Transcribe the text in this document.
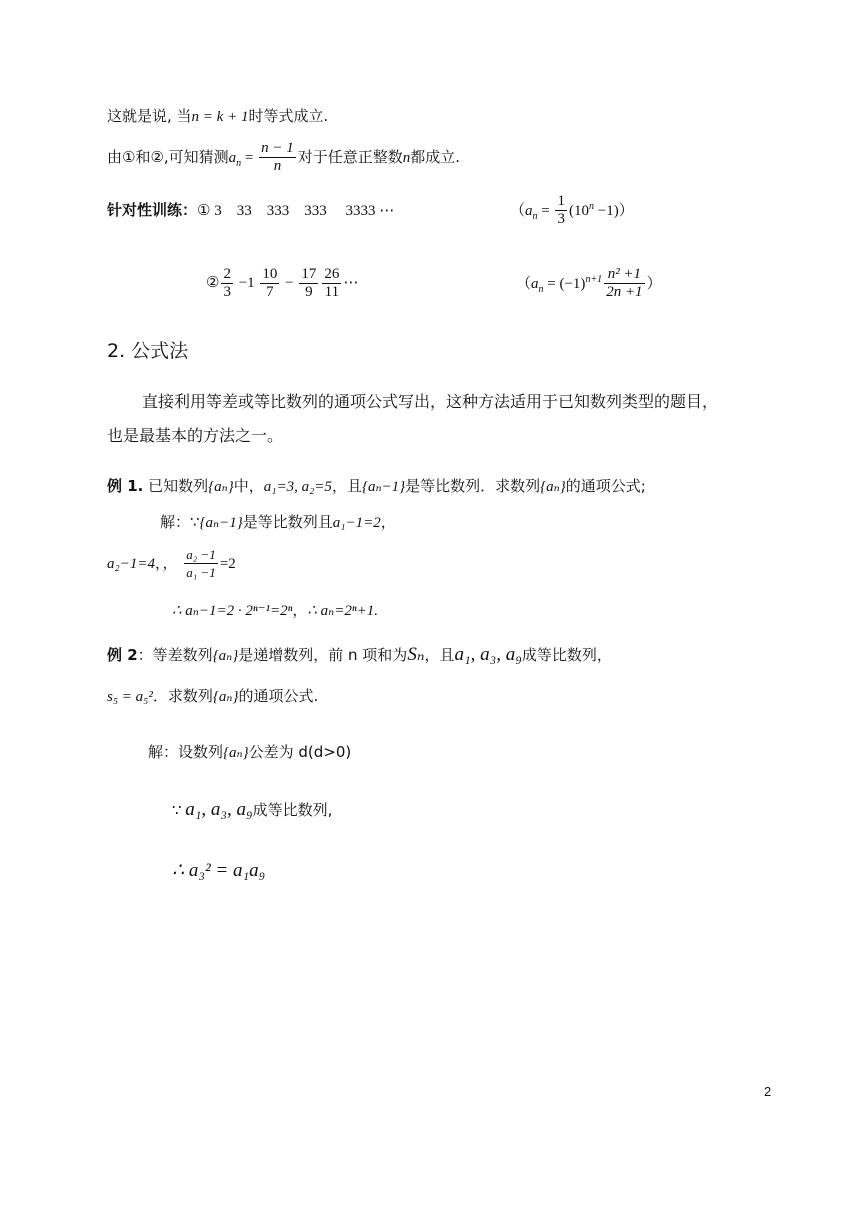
这就是说, 当n = k + 1时等式成立.
由①和②,可知猜测$a_n = \frac{n - 1}{n}$ 对于任意正整数n都成立.
针对性训练：① 3　33　333　333　 3333 ⋯	$(a_n = \frac{1}{3} (10^n -1))$
② $\frac{2}{3} -1 \frac{10}{7} - \frac{17}{9} \frac{26}{11}$ ⋯	（$a_n = (-1)^{n+1} \frac{\text{n² +1}}{2n +1}$ ）
2. 公式法
直接利用等差或等比数列的通项公式写出，这种方法适用于已知数列类型的题目，
也是最基本的方法之一。
例 1. 已知数列{aₙ}中，a₁=3, a₂=5，且{aₙ−1}是等比数列．求数列{aₙ}的通项公式;
解：∵{aₙ−1}是等比数列且a₁−1=2，
a₂−1=4，， $\frac{\text{a₂ −1}}{\text{a₁ −1}} =2$
∴ aₙ−1=2 · 2ⁿ⁻¹=2ⁿ，∴ aₙ=2ⁿ+1.
例 2：等差数列{aₙ}是递增数列，前 n 项和为Sₙ，且a₁, a₃, a₉成等比数列，
s₅ = a₅²．求数列{aₙ}的通项公式.
解：设数列{aₙ}公差为 d(d>0)
∵ a₁, a₃, a₉成等比数列,
∴ a₃² = a₁a₉
2
